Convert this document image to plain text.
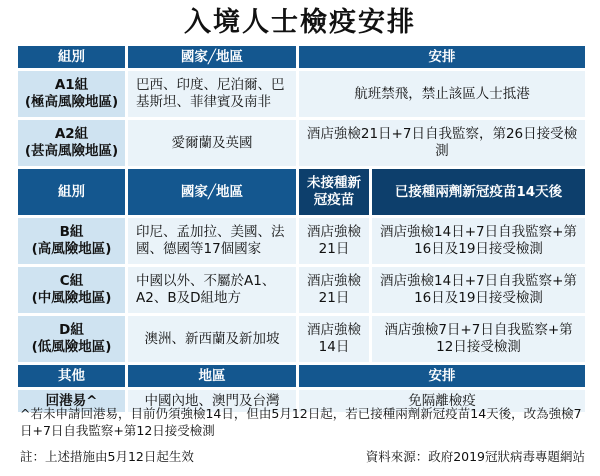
入境人士檢疫安排
組別	國家╱地區	安排	

A1組
(極高風險地區)	巴西、印度、尼泊爾、巴基斯坦、菲律賓及南非	航班禁飛，禁止該區人士抵港	

A2組
(甚高風險地區)	愛爾蘭及英國	酒店強檢21日+7日自我監察，第26日接受檢測	
組別	國家╱地區	未接種新冠疫苗	已接種兩劑新冠疫苗14天後

B組
(高風險地區)	印尼、孟加拉、美國、法國、德國等17個國家	酒店強檢21日	酒店強檢14日+7日自我監察+第16日及19日接受檢測

C組
(中風險地區)	中國以外、不屬於A1、A2、B及D組地方	酒店強檢21日	酒店強檢14日+7日自我監察+第16日及19日接受檢測

D組
(低風險地區)	澳洲、新西蘭及新加坡	酒店強檢14日	酒店強檢7日+7日自我監察+第12日接受檢測
其他	地區	安排	
回港易^	中國內地、澳門及台灣	免隔離檢疫	
^若未申請回港易，目前仍須強檢14日，但由5月12日起，若已接種兩劑新冠疫苗14天後，改為強檢7日+7日自我監察+第12日接受檢測
註：上述措施由5月12日起生效	資料來源：政府2019冠狀病毒專題網站
